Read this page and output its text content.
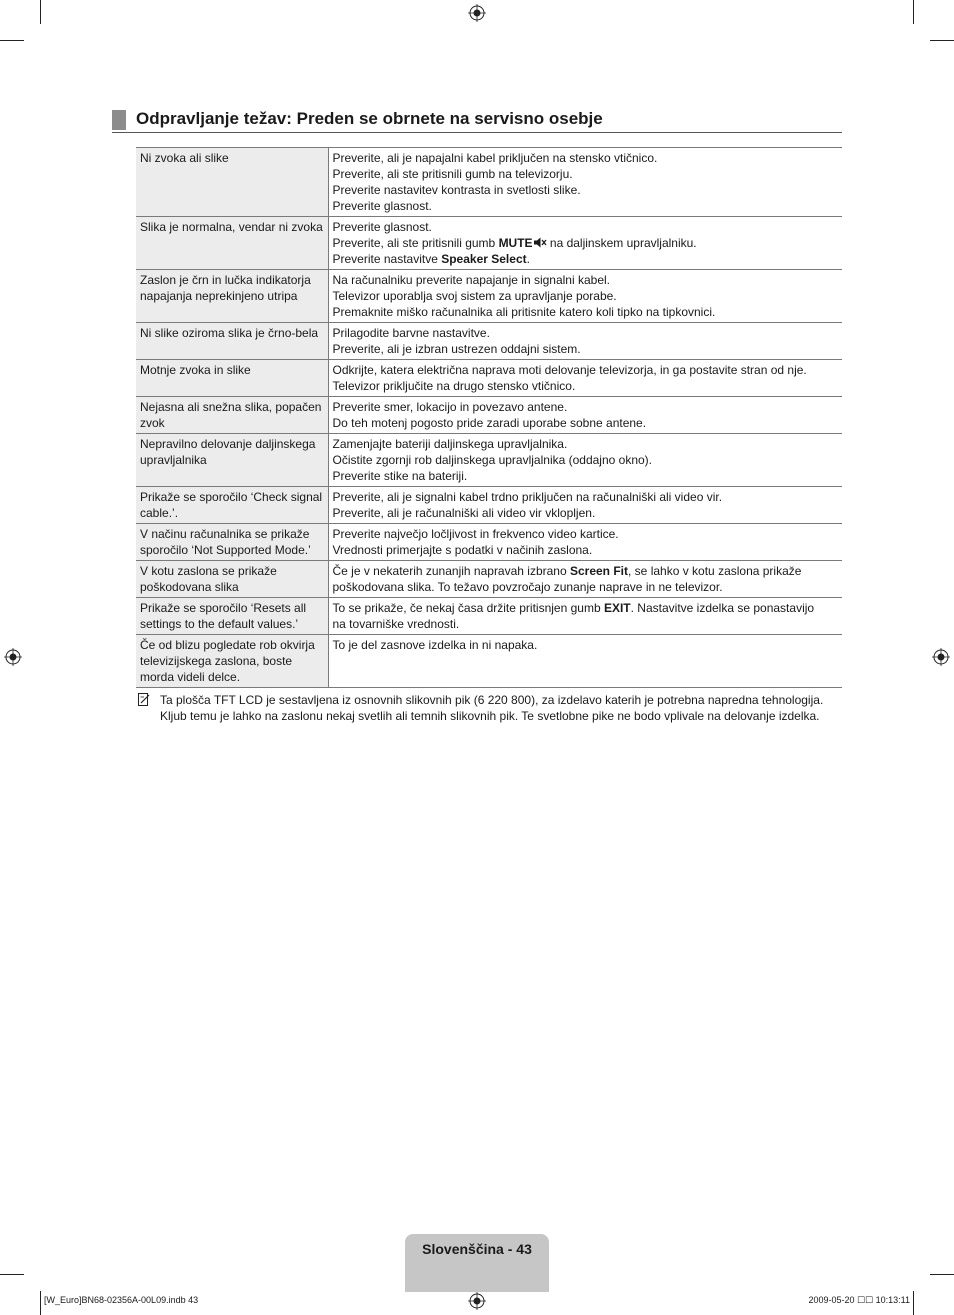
Odpravljanje težav: Preden se obrnete na servisno osebje
Ni zvoka ali slike	Preverite, ali je napajalni kabel priključen na stensko vtičnico.
Preverite, ali ste pritisnili gumb na televizorju.
Preverite nastavitev kontrasta in svetlosti slike.
Preverite glasnost.

Slika je normalna, vendar ni zvoka	Preverite glasnost.
Preverite, ali ste pritisnili gumb MUTE na daljinskem upravljalniku.
Preverite nastavitve Speaker Select.

Zaslon je črn in lučka indikatorja napajanja neprekinjeno utripa	Na računalniku preverite napajanje in signalni kabel.
Televizor uporablja svoj sistem za upravljanje porabe.
Premaknite miško računalnika ali pritisnite katero koli tipko na tipkovnici.

Ni slike oziroma slika je črno-bela	Prilagodite barvne nastavitve.
Preverite, ali je izbran ustrezen oddajni sistem.

Motnje zvoka in slike	Odkrijte, katera električna naprava moti delovanje televizorja, in ga postavite stran od nje.
Televizor priključite na drugo stensko vtičnico.

Nejasna ali snežna slika, popačen zvok	Preverite smer, lokacijo in povezavo antene.
Do teh motenj pogosto pride zaradi uporabe sobne antene.

Nepravilno delovanje daljinskega upravljalnika	Zamenjajte bateriji daljinskega upravljalnika.
Očistite zgornji rob daljinskega upravljalnika (oddajno okno).
Preverite stike na bateriji.

Prikaže se sporočilo ‘Check signal cable.’.	Preverite, ali je signalni kabel trdno priključen na računalniški ali video vir.
Preverite, ali je računalniški ali video vir vklopljen.

V načinu računalnika se prikaže sporočilo ‘Not Supported Mode.’	Preverite največjo ločljivost in frekvenco video kartice.
Vrednosti primerjajte s podatki v načinih zaslona.

V kotu zaslona se prikaže poškodovana slika	Če je v nekaterih zunanjih napravah izbrano Screen Fit, se lahko v kotu zaslona prikaže
poškodovana slika. To težavo povzročajo zunanje naprave in ne televizor.

Prikaže se sporočilo ‘Resets all settings to the default values.’	To se prikaže, če nekaj časa držite pritisnjen gumb EXIT. Nastavitve izdelka se ponastavijo
na tovarniške vrednosti.

Če od blizu pogledate rob okvirja televizijskega zaslona, boste morda videli delce.	To je del zasnove izdelka in ni napaka.
Ta plošča TFT LCD je sestavljena iz osnovnih slikovnih pik (6 220 800), za izdelavo katerih je potrebna napredna tehnologija.
Kljub temu je lahko na zaslonu nekaj svetlih ali temnih slikovnih pik. Te svetlobne pike ne bodo vplivale na delovanje izdelka.
Slovenščina - 43
[W_Euro]BN68-02356A-00L09.indb 43	2009-05-20 ☐☐ 10:13:11
